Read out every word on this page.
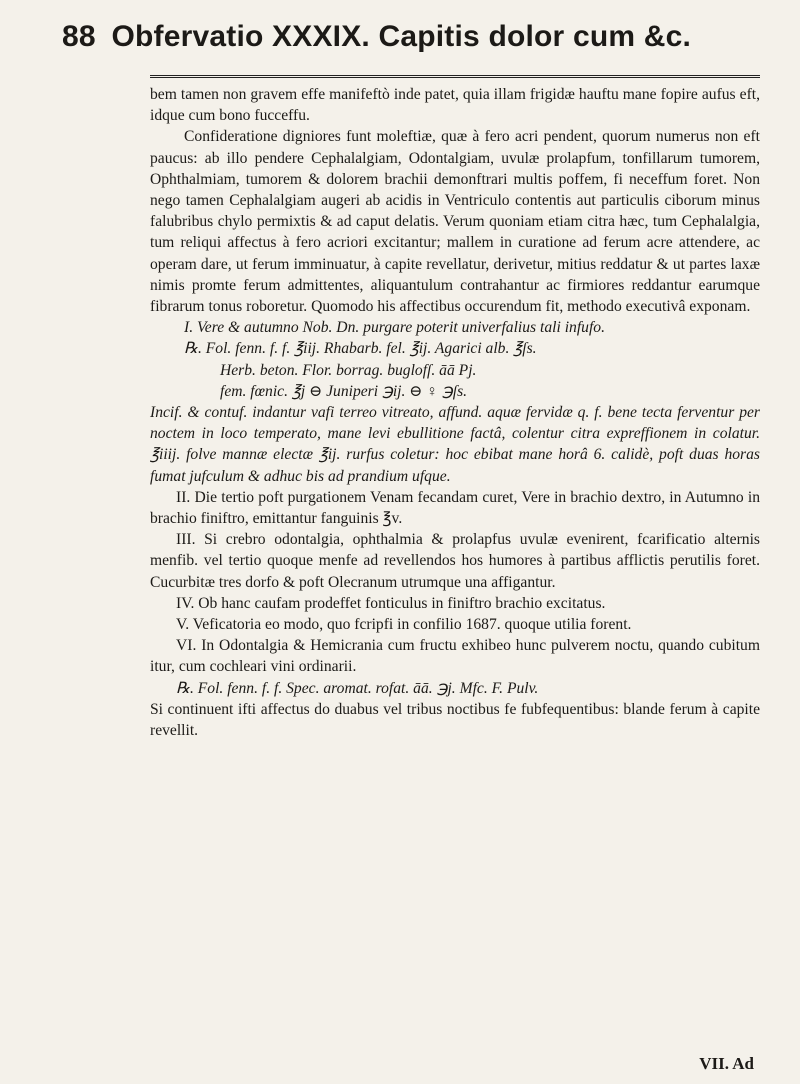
88 Obfervatio XXXIX. Capitis dolor cum &c.

bem tamen non gravem effe manifeftò inde patet, quia illam frigidæ hauftu mane fopire aufus eft, idque cum bono fucceffu.

Confideratione digniores funt moleftiæ, quæ à fero acri pendent, quorum numerus non eft paucus: ab illo pendere Cephalalgiam, Odontalgiam, uvulæ prolapfum, tonfillarum tumorem, Ophthalmiam, tumorem & dolorem brachii demonftrari multis poffem, fi neceffum foret. Non nego tamen Cephalalgiam augeri ab acidis in Ventriculo contentis aut particulis ciborum minus falubribus chylo permixtis & ad caput delatis. Verum quoniam etiam citra hæc, tum Cephalalgia, tum reliqui affectus à fero acriori excitantur; mallem in curatione ad ferum acre attendere, ac operam dare, ut ferum imminuatur, à capite revellatur, derivetur, mitius reddatur & ut partes laxæ nimis promte ferum admittentes, aliquantulum contrahantur ac firmiores reddantur earumque fibrarum tonus roboretur. Quomodo his affectibus occurendum fit, methodo executivâ exponam.

I. Vere & autumno Nob. Dn. purgare poterit univerfalius tali infufo.

℞. Fol. fenn. f. f. ℥iij. Rhabarb. fel. ℥ij. Agarici alb. ℥ſs.

Herb. beton. Flor. borrag. buglofſ. āā Pj.

fem. fœnic. ℥j ⊖ Juniperi ℈ij. ⊖ ♀ ℈ſs.

Incif. & contuf. indantur vafi terreo vitreato, affund. aquæ fervidæ q. f. bene tecta ferventur per noctem in loco temperato, mane levi ebullitione factâ, colentur citra expreffionem in colatur. ℥iiij. folve mannæ electæ ℥ij. rurfus coletur: hoc ebibat mane horâ 6. calidè, poft duas horas fumat jufculum & adhuc bis ad prandium ufque.

II. Die tertio poft purgationem Venam fecandam curet, Vere in brachio dextro, in Autumno in brachio finiftro, emittantur fanguinis ℥v.

III. Si crebro odontalgia, ophthalmia & prolapfus uvulæ evenirent, fcarificatio alternis menfib. vel tertio quoque menfe ad revellendos hos humores à partibus afflictis perutilis foret. Cucurbitæ tres dorfo & poft Olecranum utrumque una affigantur.

IV. Ob hanc caufam prodeffet fonticulus in finiftro brachio excitatus.

V. Veficatoria eo modo, quo fcripfi in confilio 1687. quoque utilia forent.

VI. In Odontalgia & Hemicrania cum fructu exhibeo hunc pulverem noctu, quando cubitum itur, cum cochleari vini ordinarii.

℞. Fol. fenn. f. f. Spec. aromat. rofat. āā. ℈j. Mfc. F. Pulv.

Si continuent ifti affectus do duabus vel tribus noctibus fe fubfequentibus: blande ferum à capite revellit.

VII. Ad
